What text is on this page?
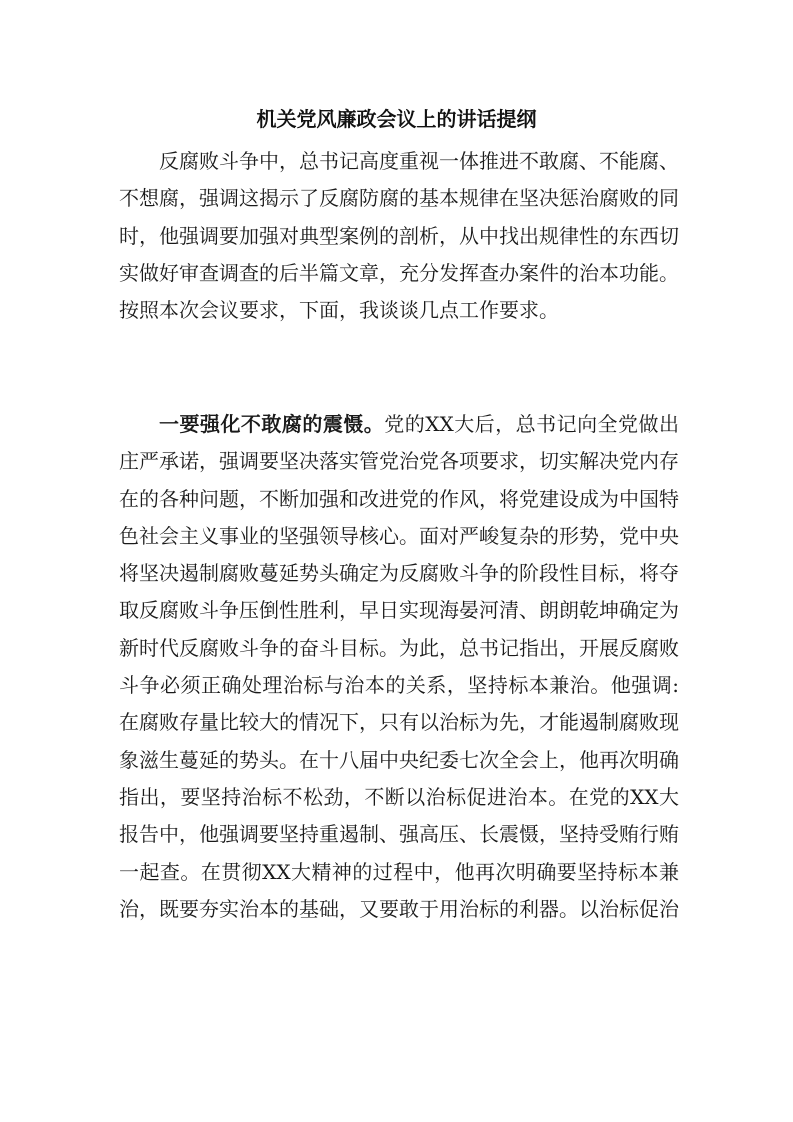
机关党风廉政会议上的讲话提纲

反腐败斗争中，总书记高度重视一体推进不敢腐、不能腐、不想腐，强调这揭示了反腐防腐的基本规律在坚决惩治腐败的同时，他强调要加强对典型案例的剖析，从中找出规律性的东西切实做好审查调查的后半篇文章，充分发挥查办案件的治本功能。按照本次会议要求，下面，我谈谈几点工作要求。

一要强化不敢腐的震慑。党的XX大后，总书记向全党做出庄严承诺，强调要坚决落实管党治党各项要求，切实解决党内存在的各种问题，不断加强和改进党的作风，将党建设成为中国特色社会主义事业的坚强领导核心。面对严峻复杂的形势，党中央将坚决遏制腐败蔓延势头确定为反腐败斗争的阶段性目标，将夺取反腐败斗争压倒性胜利，早日实现海晏河清、朗朗乾坤确定为新时代反腐败斗争的奋斗目标。为此，总书记指出，开展反腐败斗争必须正确处理治标与治本的关系，坚持标本兼治。他强调:在腐败存量比较大的情况下，只有以治标为先，才能遏制腐败现象滋生蔓延的势头。在十八届中央纪委七次全会上，他再次明确指出，要坚持治标不松劲，不断以治标促进治本。在党的XX大报告中，他强调要坚持重遏制、强高压、长震慑，坚持受贿行贿一起查。在贯彻XX大精神的过程中，他再次明确要坚持标本兼治，既要夯实治本的基础，又要敢于用治标的利器。以治标促治
